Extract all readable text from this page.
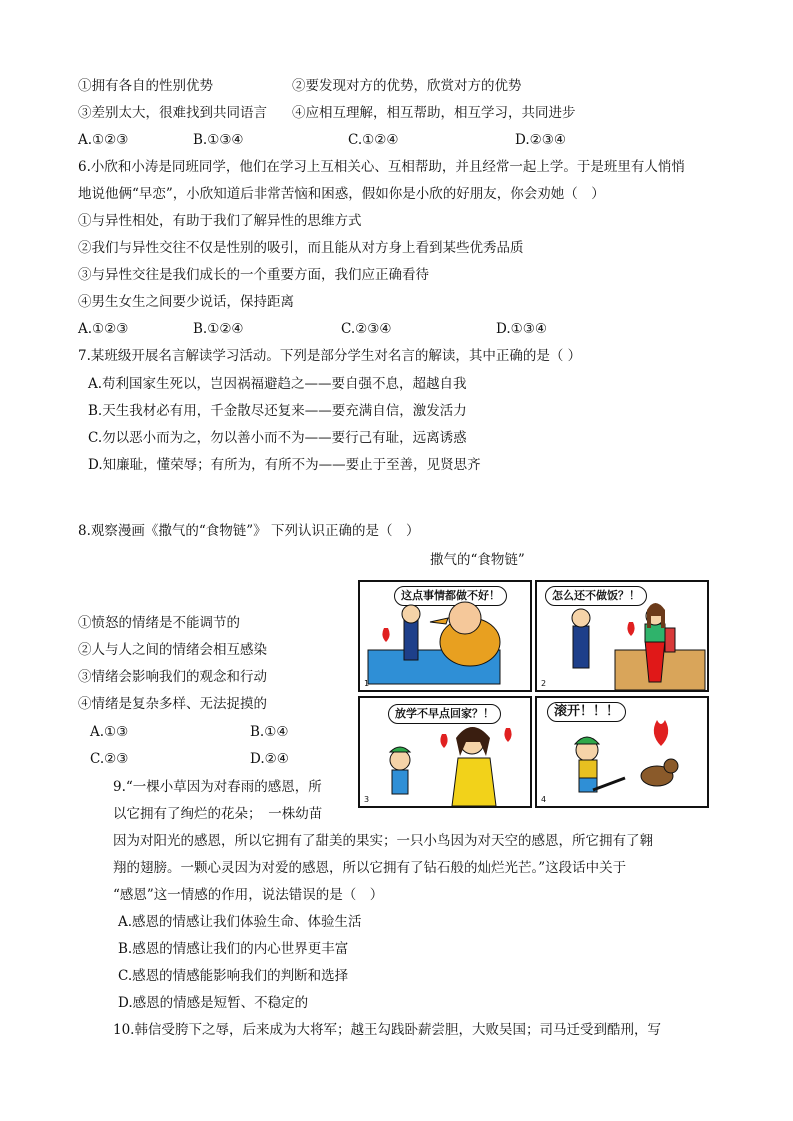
①拥有各自的性别优势	②要发现对方的优势，欣赏对方的优势
③差别太大，很难找到共同语言 ④应相互理解，相互帮助，相互学习，共同进步
A.①②③	B.①③④	C.①②④	D.②③④
6.小欣和小涛是同班同学，他们在学习上互相关心、互相帮助，并且经常一起上学。于是班里有人悄悄
地说他俩“早恋”，小欣知道后非常苦恼和困惑，假如你是小欣的好朋友，你会劝她（　）
①与异性相处，有助于我们了解异性的思维方式
②我们与异性交往不仅是性别的吸引，而且能从对方身上看到某些优秀品质
③与异性交往是我们成长的一个重要方面，我们应正确看待
④男生女生之间要少说话，保持距离
A.①②③	B.①②④	C.②③④	D.①③④
7.某班级开展名言解读学习活动。下列是部分学生对名言的解读，其中正确的是（ ）
A.苟利国家生死以，岂因祸福避趋之——要自强不息，超越自我
B.天生我材必有用，千金散尽还复来——要充满自信，激发活力
C.勿以恶小而为之，勿以善小而不为——要行己有耻，远离诱惑
D.知廉耻，懂荣辱；有所为，有所不为——要止于至善，见贤思齐
8.观察漫画《撒气的“食物链”》 下列认识正确的是（　）
撒气的“食物链”
①愤怒的情绪是不能调节的
②人与人之间的情绪会相互感染
③情绪会影响我们的观念和行动
④情绪是复杂多样、无法捉摸的
A.①③	B.①④
C.②③	D.②④
这点事情都做不好！
1
怎么还不做饭？！
2
放学不早点回家？！
3
滚开！！！
4
9.“一棵小草因为对春雨的感恩，所
以它拥有了绚烂的花朵；　一株幼苗
因为对阳光的感恩，所以它拥有了甜美的果实；一只小鸟因为对天空的感恩，所它拥有了翱
翔的翅膀。一颗心灵因为对爱的感恩，所以它拥有了钻石般的灿烂光芒。”这段话中关于
“感恩”这一情感的作用，说法错误的是（　）
A.感恩的情感让我们体验生命、体验生活
B.感恩的情感让我们的内心世界更丰富
C.感恩的情感能影响我们的判断和选择
D.感恩的情感是短暂、不稳定的
10.韩信受胯下之辱，后来成为大将军；越王勾践卧薪尝胆，大败吴国；司马迁受到酷刑，写
